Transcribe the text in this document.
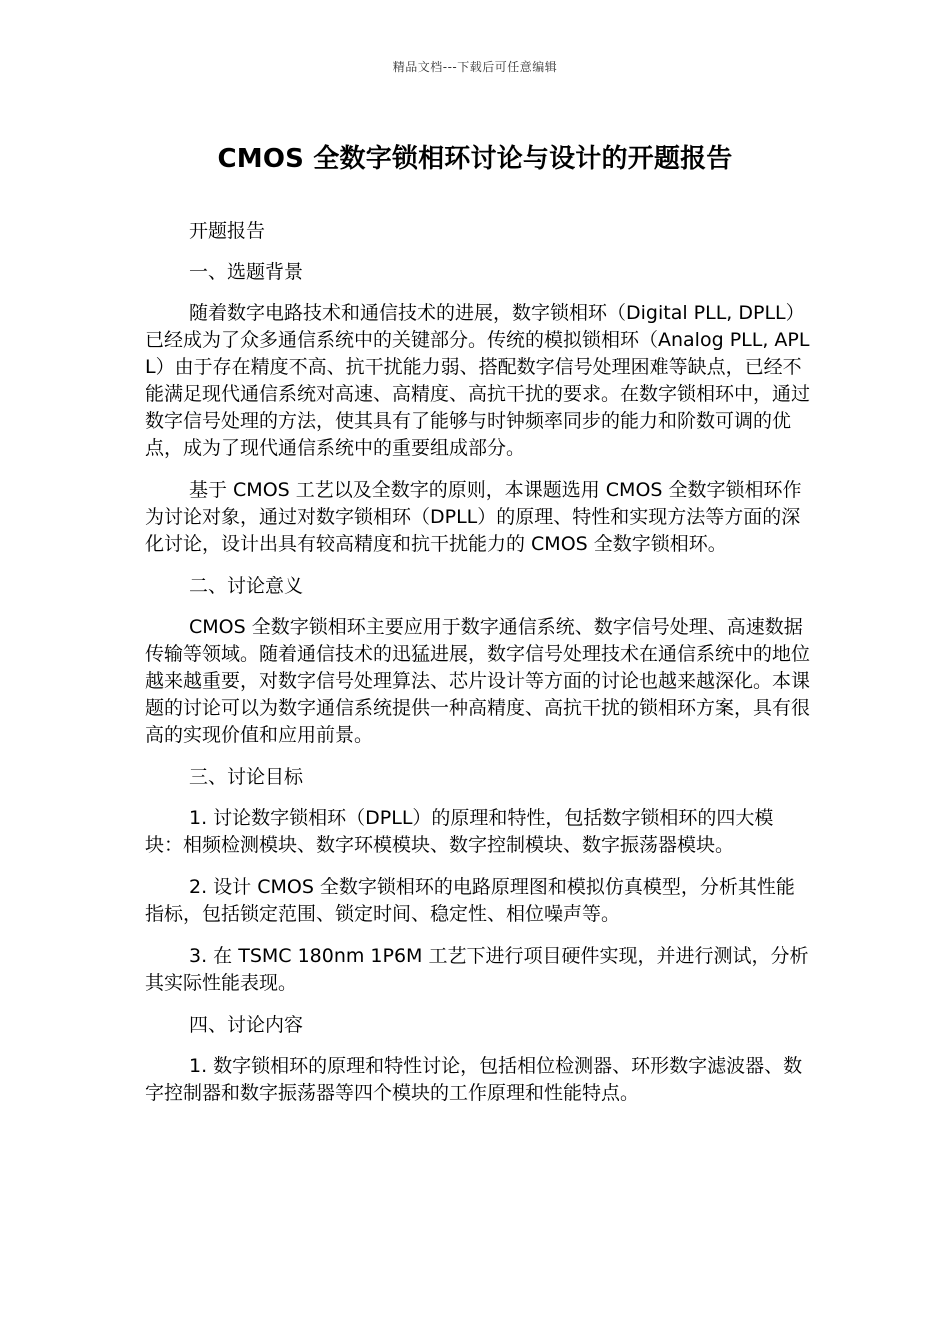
精品文档---下载后可任意编辑
CMOS 全数字锁相环讨论与设计的开题报告

开题报告

一、选题背景

随着数字电路技术和通信技术的进展，数字锁相环（Digital PLL, DPLL）已经成为了众多通信系统中的关键部分。传统的模拟锁相环（Analog PLL, APLL）由于存在精度不高、抗干扰能力弱、搭配数字信号处理困难等缺点，已经不能满足现代通信系统对高速、高精度、高抗干扰的要求。在数字锁相环中，通过数字信号处理的方法，使其具有了能够与时钟频率同步的能力和阶数可调的优点，成为了现代通信系统中的重要组成部分。

基于 CMOS 工艺以及全数字的原则，本课题选用 CMOS 全数字锁相环作为讨论对象，通过对数字锁相环（DPLL）的原理、特性和实现方法等方面的深化讨论，设计出具有较高精度和抗干扰能力的 CMOS 全数字锁相环。

二、讨论意义

CMOS 全数字锁相环主要应用于数字通信系统、数字信号处理、高速数据传输等领域。随着通信技术的迅猛进展，数字信号处理技术在通信系统中的地位越来越重要，对数字信号处理算法、芯片设计等方面的讨论也越来越深化。本课题的讨论可以为数字通信系统提供一种高精度、高抗干扰的锁相环方案，具有很高的实现价值和应用前景。

三、讨论目标

1. 讨论数字锁相环（DPLL）的原理和特性，包括数字锁相环的四大模块：相频检测模块、数字环模模块、数字控制模块、数字振荡器模块。

2. 设计 CMOS 全数字锁相环的电路原理图和模拟仿真模型，分析其性能指标，包括锁定范围、锁定时间、稳定性、相位噪声等。

3. 在 TSMC 180nm 1P6M 工艺下进行项目硬件实现，并进行测试，分析其实际性能表现。

四、讨论内容

1. 数字锁相环的原理和特性讨论，包括相位检测器、环形数字滤波器、数字控制器和数字振荡器等四个模块的工作原理和性能特点。
